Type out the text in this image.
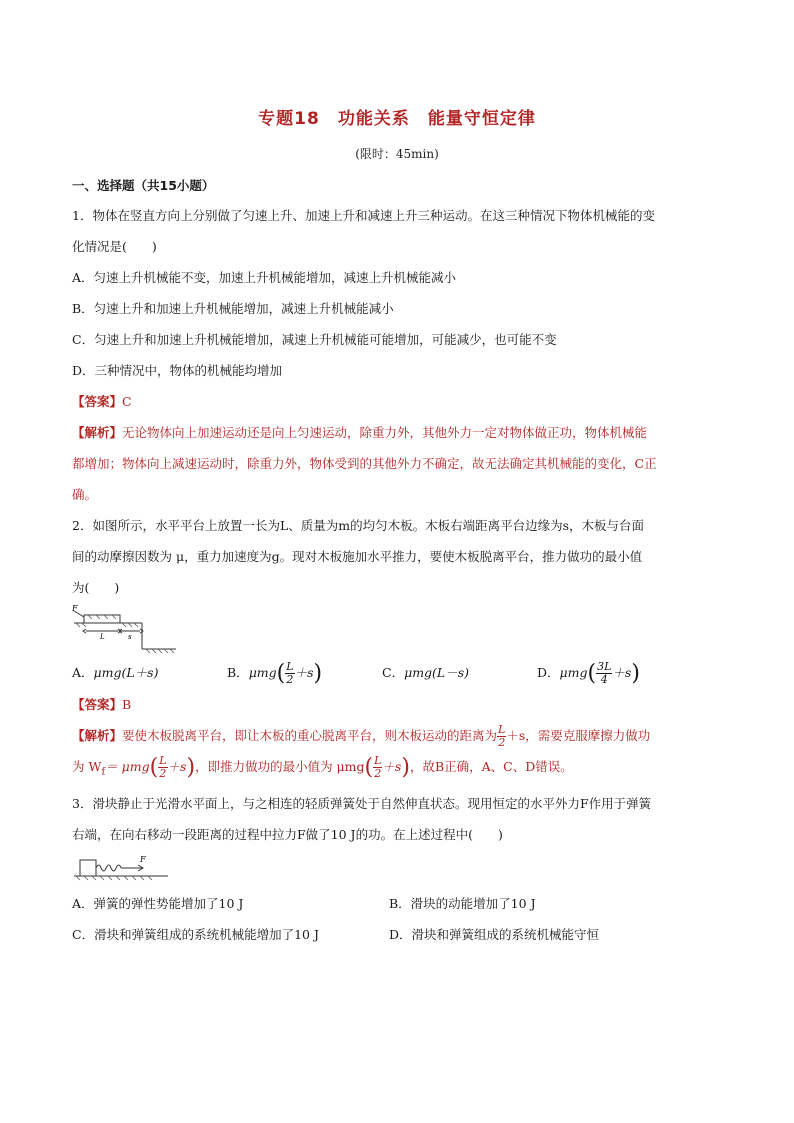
专题18　功能关系　能量守恒定律
(限时：45min)
一、选择题（共15小题）

1．物体在竖直方向上分别做了匀速上升、加速上升和减速上升三种运动。在这三种情况下物体机械能的变

化情况是(　　)

A．匀速上升机械能不变，加速上升机械能增加，减速上升机械能减小

B．匀速上升和加速上升机械能增加，减速上升机械能减小

C．匀速上升和加速上升机械能增加，减速上升机械能可能增加，可能减少，也可能不变

D．三种情况中，物体的机械能均增加

【答案】C

【解析】无论物体向上加速运动还是向上匀速运动，除重力外，其他外力一定对物体做正功，物体机械能

都增加；物体向上减速运动时，除重力外，物体受到的其他外力不确定，故无法确定其机械能的变化，C正

确。

2．如图所示，水平平台上放置一长为L、质量为m的均匀木板。木板右端距离平台边缘为s，木板与台面

间的动摩擦因数为 μ，重力加速度为g。现对木板施加水平推力，要使木板脱离平台，推力做功的最小值

为(　　)

F
L	s
A．μmg(L＋s)	B．$\mu mg( \frac{L}{2} +s)$	C．μmg(L－s)	D．$\mu mg( \frac{3L}{4} +s)$

【答案】B

【解析】要使木板脱离平台，即让木板的重心脱离平台，则木板运动的距离为 $\frac{L}{2} +s$，需要克服摩擦力做功

为 $W_f= \mu mg( \frac{L}{2} +s)$，即推力做功的最小值为 $\mu mg( \frac{L}{2} +s)$，故B正确，A、C、D错误。

3．滑块静止于光滑水平面上，与之相连的轻质弹簧处于自然伸直状态。现用恒定的水平外力F作用于弹簧

右端，在向右移动一段距离的过程中拉力F做了10 J的功。在上述过程中(　　)

F
A．弹簧的弹性势能增加了10 J	B．滑块的动能增加了10 J
C．滑块和弹簧组成的系统机械能增加了10 J	D．滑块和弹簧组成的系统机械能守恒
